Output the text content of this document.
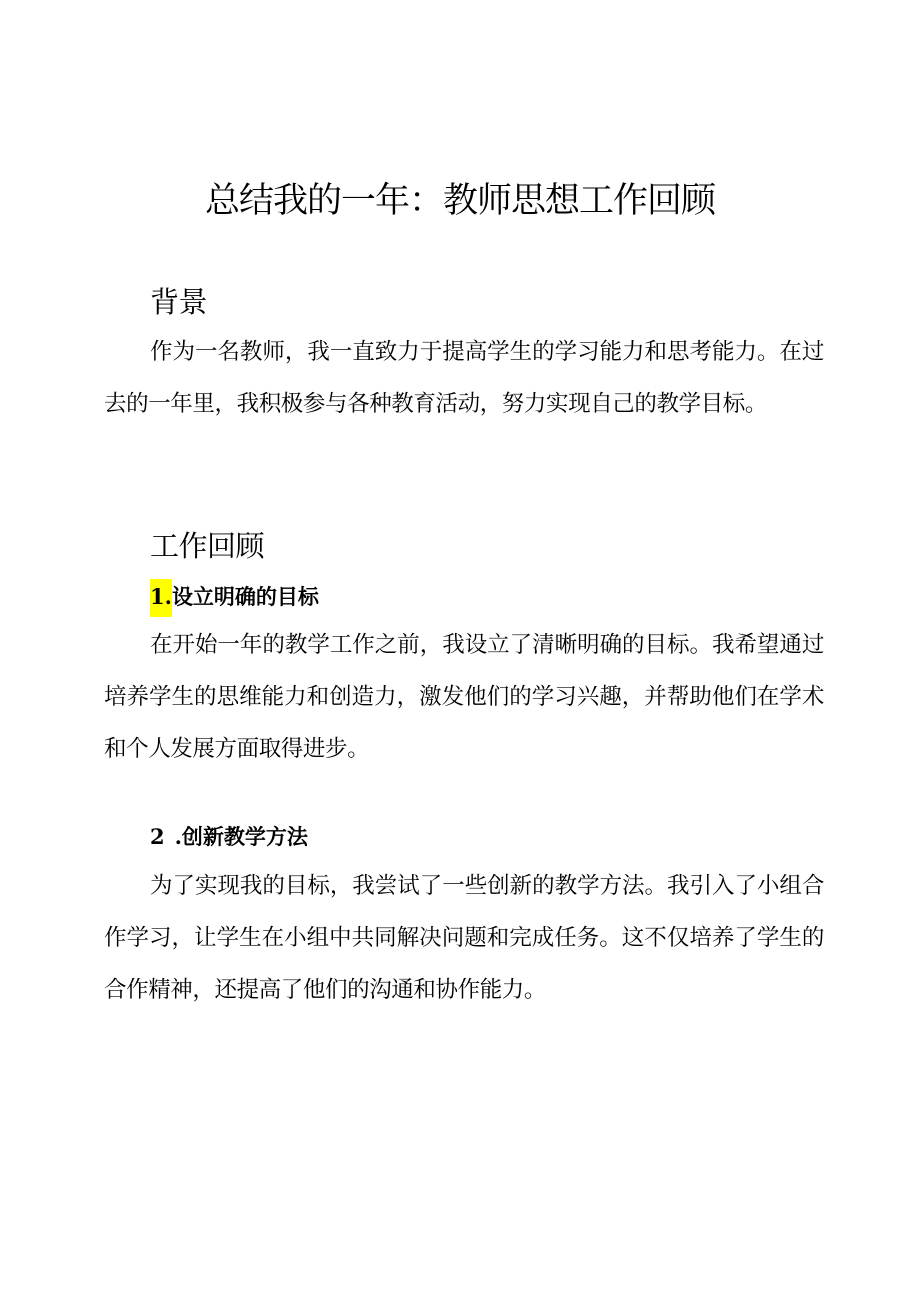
总结我的一年：教师思想工作回顾
背景

作为一名教师，我一直致力于提高学生的学习能力和思考能力。在过去的一年里，我积极参与各种教育活动，努力实现自己的教学目标。

工作回顾
1.设立明确的目标

在开始一年的教学工作之前，我设立了清晰明确的目标。我希望通过培养学生的思维能力和创造力，激发他们的学习兴趣，并帮助他们在学术和个人发展方面取得进步。

2 .创新教学方法

为了实现我的目标，我尝试了一些创新的教学方法。我引入了小组合作学习，让学生在小组中共同解决问题和完成任务。这不仅培养了学生的合作精神，还提高了他们的沟通和协作能力。
